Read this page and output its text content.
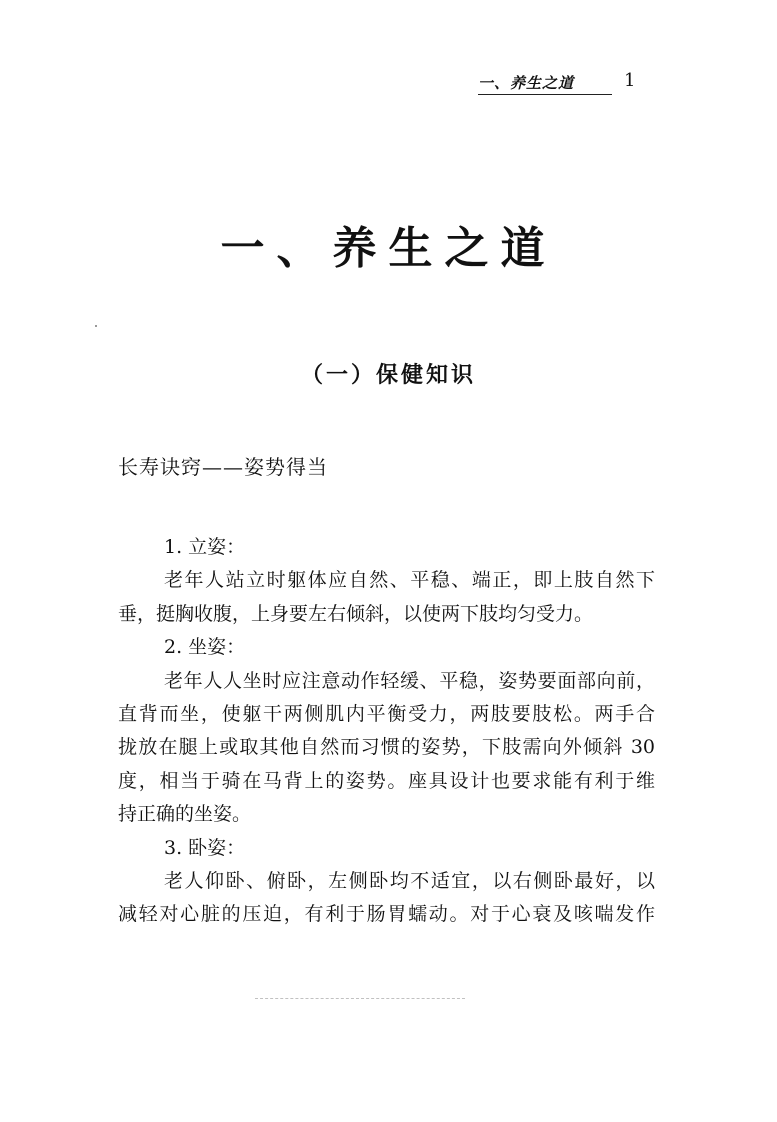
一、养生之道	1
一、养生之道
（一）保健知识
长寿诀窍——姿势得当
1. 立姿：
老年人站立时躯体应自然、平稳、端正，即上肢自然下
垂，挺胸收腹，上身要左右倾斜，以使两下肢均匀受力。
2. 坐姿：
老年人人坐时应注意动作轻缓、平稳，姿势要面部向前，
直背而坐，使躯干两侧肌内平衡受力，两肢要肢松。两手合
拢放在腿上或取其他自然而习惯的姿势，下肢需向外倾斜 30
度，相当于骑在马背上的姿势。座具设计也要求能有利于维
持正确的坐姿。
3. 卧姿：
老人仰卧、俯卧，左侧卧均不适宜，以右侧卧最好，以
减轻对心脏的压迫，有利于肠胃蠕动。对于心衰及咳喘发作
